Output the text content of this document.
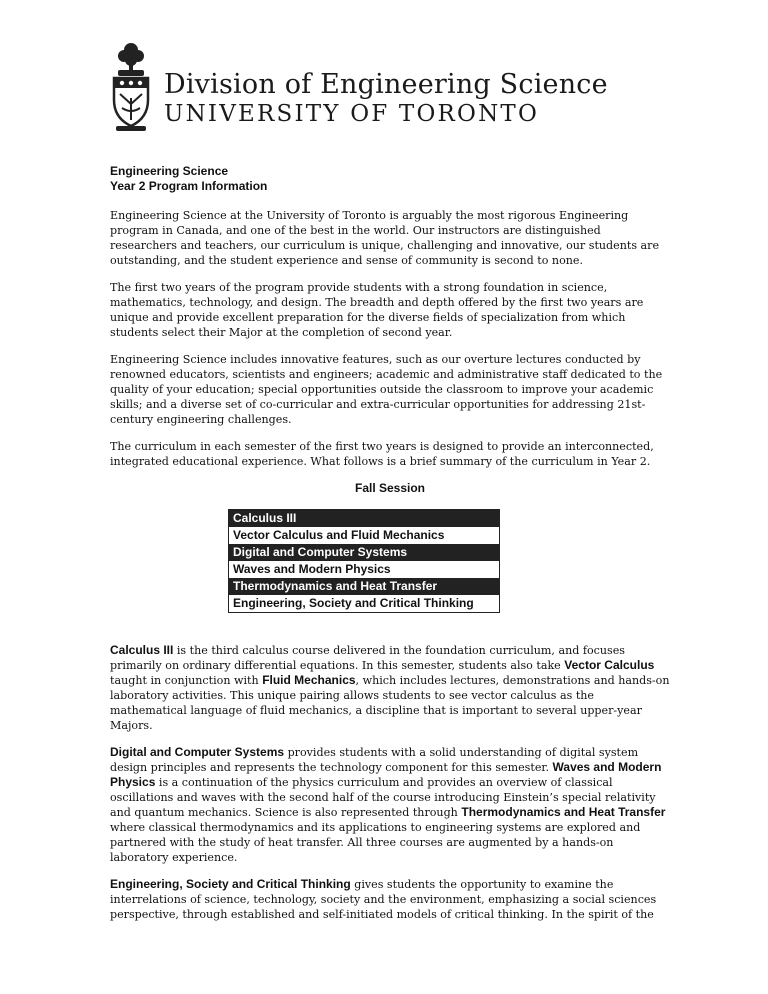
Division of Engineering Science
UNIVERSITY OF TORONTO
Engineering Science
Year 2 Program Information

Engineering Science at the University of Toronto is arguably the most rigorous Engineering program in Canada, and one of the best in the world. Our instructors are distinguished researchers and teachers, our curriculum is unique, challenging and innovative, our students are outstanding, and the student experience and sense of community is second to none.

The first two years of the program provide students with a strong foundation in science, mathematics, technology, and design. The breadth and depth offered by the first two years are unique and provide excellent preparation for the diverse fields of specialization from which students select their Major at the completion of second year.

Engineering Science includes innovative features, such as our overture lectures conducted by renowned educators, scientists and engineers; academic and administrative staff dedicated to the quality of your education; special opportunities outside the classroom to improve your academic skills; and a diverse set of co-curricular and extra-curricular opportunities for addressing 21st-century engineering challenges.

The curriculum in each semester of the first two years is designed to provide an interconnected, integrated educational experience. What follows is a brief summary of the curriculum in Year 2.

Fall Session
Calculus III
Vector Calculus and Fluid Mechanics
Digital and Computer Systems
Waves and Modern Physics
Thermodynamics and Heat Transfer
Engineering, Society and Critical Thinking

Calculus III is the third calculus course delivered in the foundation curriculum, and focuses primarily on ordinary differential equations. In this semester, students also take Vector Calculus taught in conjunction with Fluid Mechanics, which includes lectures, demonstrations and hands-on laboratory activities. This unique pairing allows students to see vector calculus as the mathematical language of fluid mechanics, a discipline that is important to several upper-year Majors.

Digital and Computer Systems provides students with a solid understanding of digital system design principles and represents the technology component for this semester. Waves and Modern Physics is a continuation of the physics curriculum and provides an overview of classical oscillations and waves with the second half of the course introducing Einstein’s special relativity and quantum mechanics. Science is also represented through Thermodynamics and Heat Transfer where classical thermodynamics and its applications to engineering systems are explored and partnered with the study of heat transfer. All three courses are augmented by a hands-on laboratory experience.

Engineering, Society and Critical Thinking gives students the opportunity to examine the interrelations of science, technology, society and the environment, emphasizing a social sciences perspective, through established and self-initiated models of critical thinking. In the spirit of the
